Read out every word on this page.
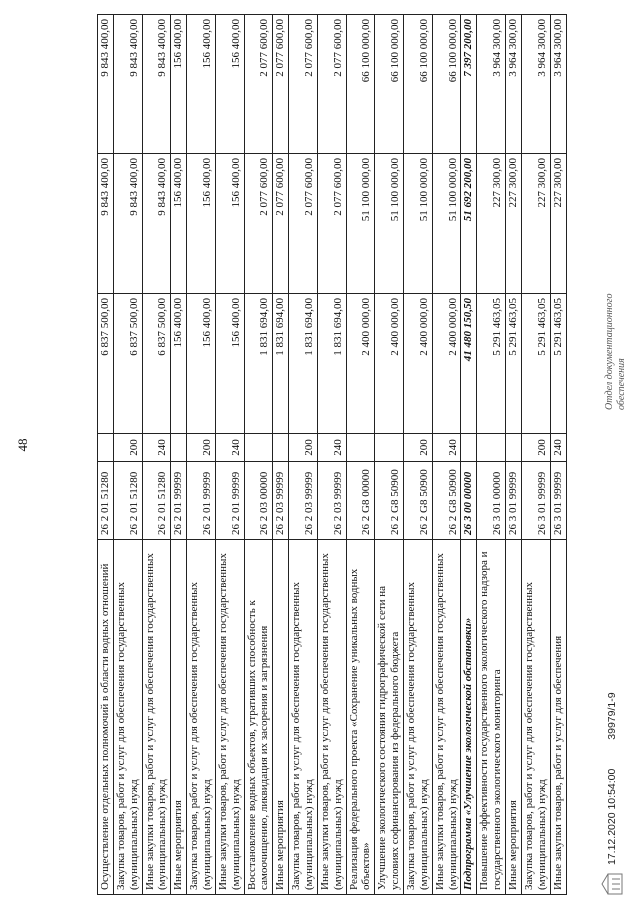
48
Осуществление отдельных полномочий в области водных отношений	26 2 01 51280		6 837 500,00	9 843 400,00	9 843 400,00
Закупка товаров, работ и услуг для обеспечения государственных (муниципальных) нужд	26 2 01 51280	200	6 837 500,00	9 843 400,00	9 843 400,00
Иные закупки товаров, работ и услуг для обеспечения государственных (муниципальных) нужд	26 2 01 51280	240	6 837 500,00	9 843 400,00	9 843 400,00
Иные мероприятия	26 2 01 99999		156 400,00	156 400,00	156 400,00
Закупка товаров, работ и услуг для обеспечения государственных (муниципальных) нужд	26 2 01 99999	200	156 400,00	156 400,00	156 400,00
Иные закупки товаров, работ и услуг для обеспечения государственных (муниципальных) нужд	26 2 01 99999	240	156 400,00	156 400,00	156 400,00
Восстановление водных объектов, утративших способность к самоочищению, ликвидация их засорения и загрязнения	26 2 03 00000		1 831 694,00	2 077 600,00	2 077 600,00
Иные мероприятия	26 2 03 99999		1 831 694,00	2 077 600,00	2 077 600,00
Закупка товаров, работ и услуг для обеспечения государственных (муниципальных) нужд	26 2 03 99999	200	1 831 694,00	2 077 600,00	2 077 600,00
Иные закупки товаров, работ и услуг для обеспечения государственных (муниципальных) нужд	26 2 03 99999	240	1 831 694,00	2 077 600,00	2 077 600,00
Реализация федерального проекта «Сохранение уникальных водных объектов»	26 2 G8 00000		2 400 000,00	51 100 000,00	66 100 000,00
Улучшение экологического состояния гидрографической сети на условиях софинансирования из федерального бюджета	26 2 G8 50900		2 400 000,00	51 100 000,00	66 100 000,00
Закупка товаров, работ и услуг для обеспечения государственных (муниципальных) нужд	26 2 G8 50900	200	2 400 000,00	51 100 000,00	66 100 000,00
Иные закупки товаров, работ и услуг для обеспечения государственных (муниципальных) нужд	26 2 G8 50900	240	2 400 000,00	51 100 000,00	66 100 000,00
Подпрограмма «Улучшение экологической обстановки»	26 3 00 00000		41 480 150,50	51 692 200,00	7 397 200,00
Повышение эффективности государственного экологического надзора и государственного экологического мониторинга	26 3 01 00000		5 291 463,05	227 300,00	3 964 300,00
Иные мероприятия	26 3 01 99999		5 291 463,05	227 300,00	3 964 300,00
Закупка товаров, работ и услуг для обеспечения государственных (муниципальных) нужд	26 3 01 99999	200	5 291 463,05	227 300,00	3 964 300,00
Иные закупки товаров, работ и услуг для обеспечения	26 3 01 99999	240	5 291 463,05	227 300,00	3 964 300,00
17.12.2020 10:54:00 39979/1-9
Отдел документационного обеспечения
